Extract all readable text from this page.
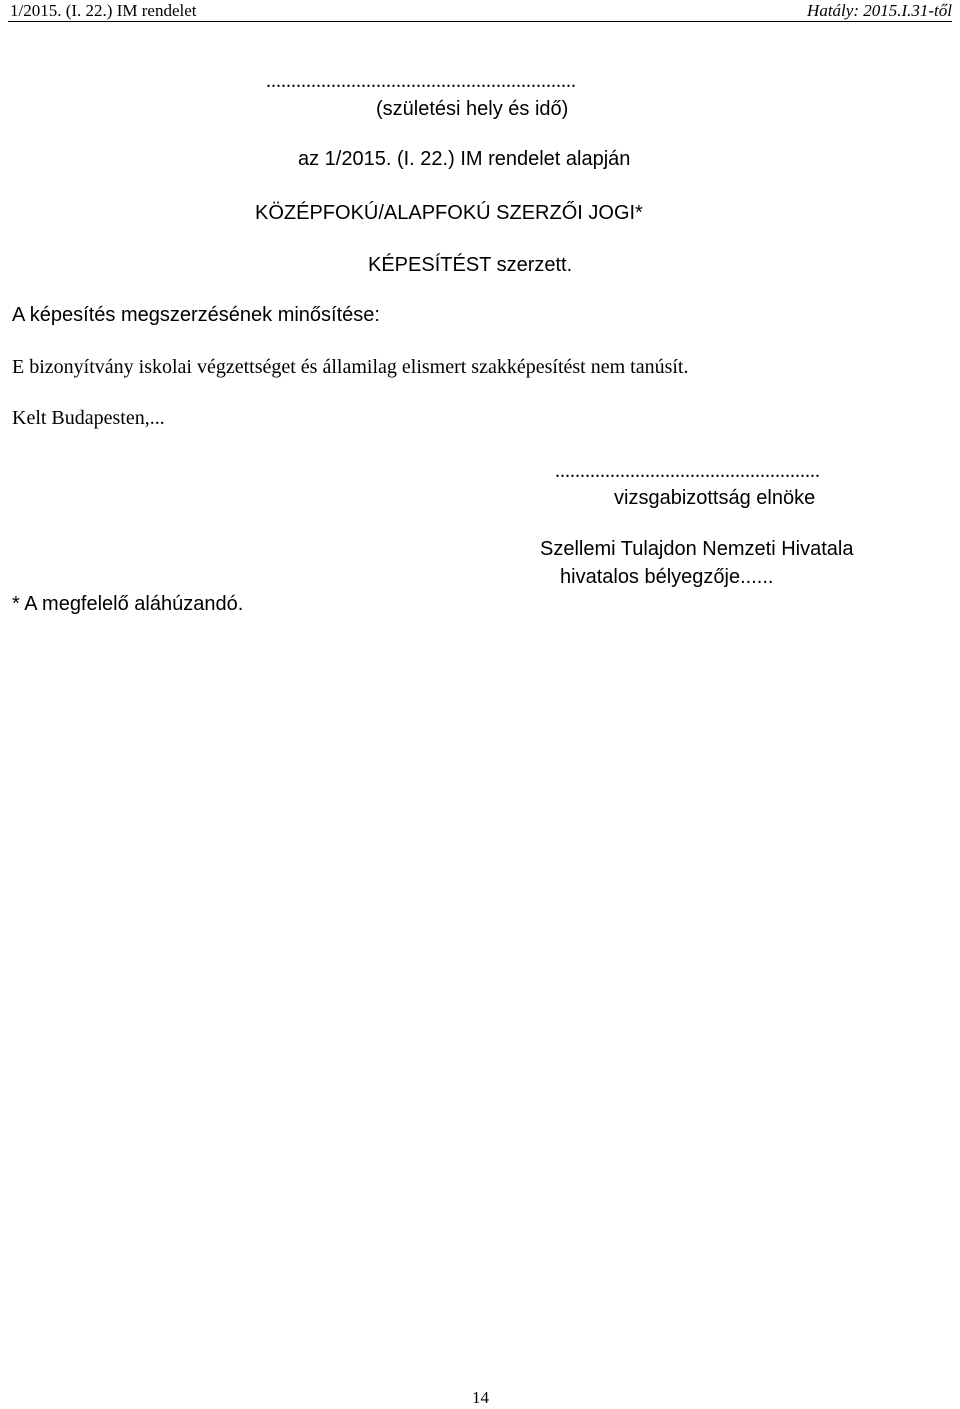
1/2015. (I. 22.) IM rendelet	Hatály: 2015.I.31-től
..............................................................
(születési hely és idő)
az 1/2015. (I. 22.) IM rendelet alapján
KÖZÉPFOKÚ/ALAPFOKÚ SZERZŐI JOGI*
KÉPESÍTÉST szerzett.
A képesítés megszerzésének minősítése:
E bizonyítvány iskolai végzettséget és államilag elismert szakképesítést nem tanúsít.
Kelt Budapesten,...
.....................................................
vizsgabizottság elnöke
Szellemi Tulajdon Nemzeti Hivatala
hivatalos bélyegzője......
* A megfelelő aláhúzandó.
14
